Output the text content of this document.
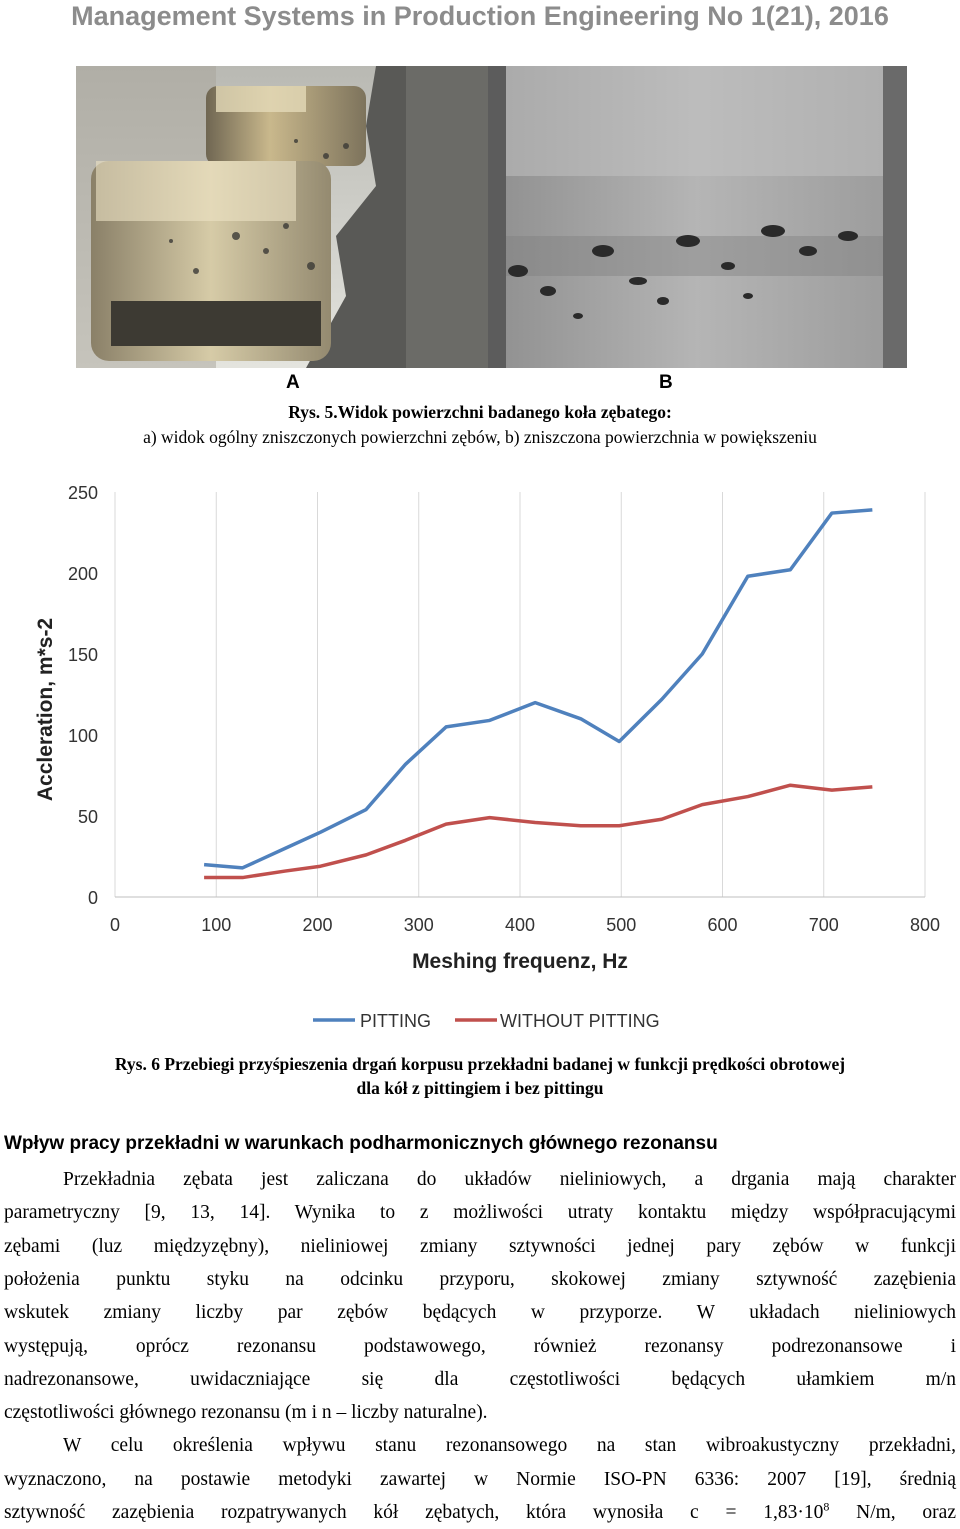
Management Systems in Production Engineering No 1(21), 2016
A	B
Rys. 5.Widok powierzchni badanego koła zębatego:
a) widok ogólny zniszczonych powierzchni zębów, b) zniszczona powierzchnia w powiększeniu
0
50
100
150
200
250
0	100	200	300	400	500	600	700	800
Meshing frequenz, Hz
Accleration, m*s-2
PITTING	WITHOUT PITTING
Rys. 6 Przebiegi przyśpieszenia drgań korpusu przekładni badanej w funkcji prędkości obrotowej
dla kół z pittingiem i bez pittingu
Wpływ pracy przekładni w warunkach podharmonicznych głównego rezonansu
Przekładnia zębata jest zaliczana do układów nieliniowych, a drgania mają charakter
parametryczny [9, 13, 14]. Wynika to z możliwości utraty kontaktu między współpracującymi
zębami (luz międzyzębny), nieliniowej zmiany sztywności jednej pary zębów w funkcji
położenia punktu styku na odcinku przyporu, skokowej zmiany sztywność zazębienia
wskutek zmiany liczby par zębów będących w przyporze. W układach nieliniowych
występują, oprócz rezonansu podstawowego, również rezonansy podrezonansowe i
nadrezonansowe, uwidaczniające się dla częstotliwości będących ułamkiem m/n
częstotliwości głównego rezonansu (m i n – liczby naturalne).
W celu określenia wpływu stanu rezonansowego na stan wibroakustyczny przekładni,
wyznaczono, na postawie metodyki zawartej w Normie ISO-PN 6336: 2007 [19], średnią
sztywność zazębienia rozpatrywanych kół zębatych, która wynosiła $c = 1,83\cdot 10^8$ N/m, oraz
